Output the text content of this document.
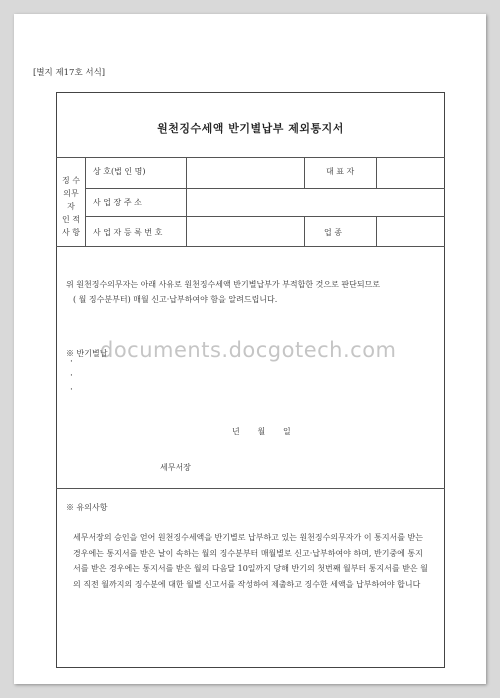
[별지 제17호 서식]
원천징수세액 반기별납부 제외통지서
징 수
의무자
인 적
사 항
상 호(법 인 명)	대 표 자
사 업 장 주 소
사 업 자 등 록 번 호	업 종
위 원천징수의무자는 아래 사유로 원천징수세액 반기별납부가 부적합한 것으로 판단되므로
( 월 징수분부터) 매월 신고·납부하여야 함을 알려드립니다.
※ 반기별납
·
·
·
documents.docgotech.com
년       월       일
세무서장
※ 유의사항
세무서장의 승인을 얻어 원천징수세액을 반기별로 납부하고 있는 원천징수의무자가 이 통지서를 받는 경우에는 통지서를 받은 날이 속하는 월의 징수분부터 매월별로 신고·납부하여야 하며, 반기중에 통지서를 받은 경우에는 통지서를 받은 월의 다음달 10일까지 당해 반기의 첫번째 월부터 통지서를 받은 월의 직전 월까지의 징수분에 대한 월별 신고서를 작성하여 제출하고 징수한 세액을 납부하여야 합니다
